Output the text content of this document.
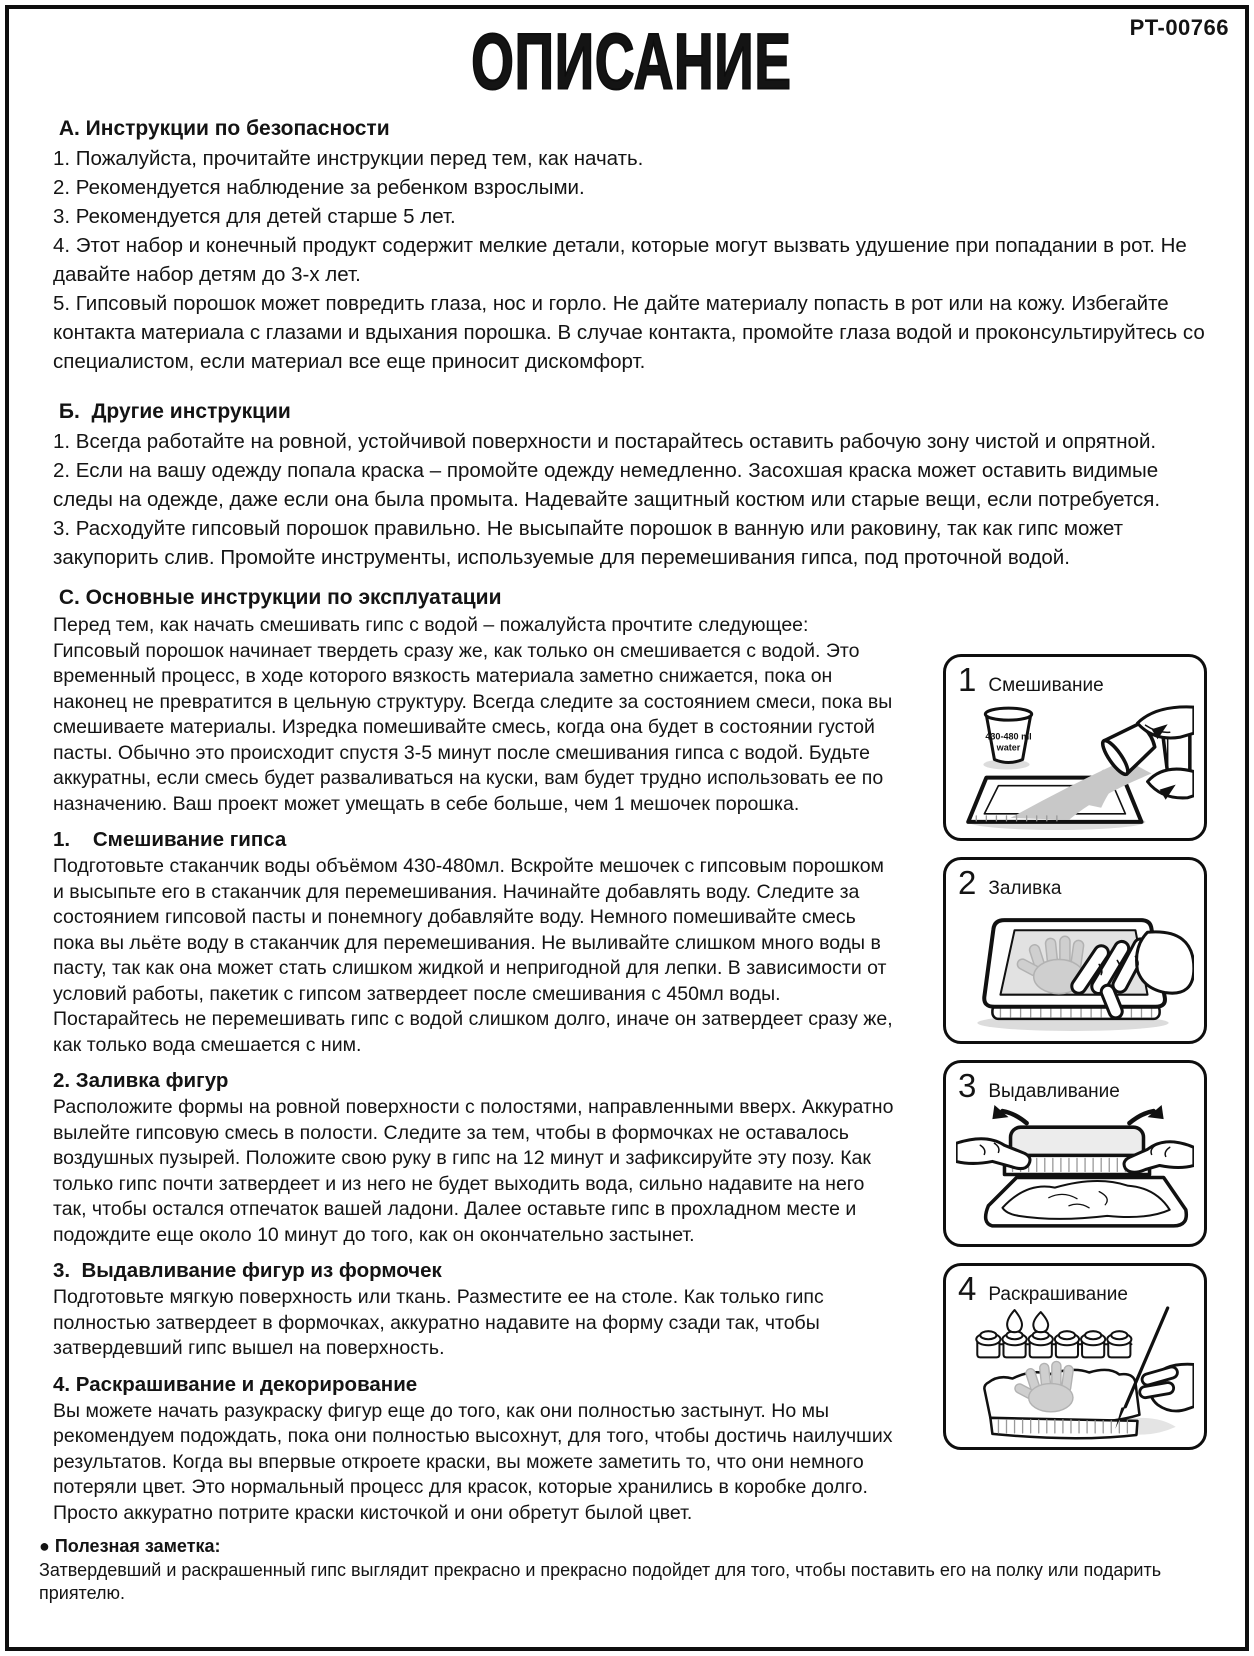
PT-00766
ОПИСАНИЕ
А. Инструкции по безопасности

1. Пожалуйста, прочитайте инструкции перед тем, как начать.

2. Рекомендуется наблюдение за ребенком взрослыми.

3. Рекомендуется для детей старше 5 лет.

4. Этот набор и конечный продукт содержит мелкие детали, которые могут вызвать удушение при попадании в рот. Не давайте набор детям до 3-х лет.

5. Гипсовый порошок может повредить глаза, нос и горло. Не дайте материалу попасть в рот или на кожу. Избегайте контакта материала с глазами и вдыхания порошка. В случае контакта, промойте глаза водой и проконсультируйтесь со специалистом, если материал все еще приносит дискомфорт.

Б.  Другие инструкции

1. Всегда работайте на ровной, устойчивой поверхности и постарайтесь оставить рабочую зону чистой и опрятной.

2. Если на вашу одежду попала краска – промойте одежду немедленно. Засохшая краска может оставить видимые следы на одежде, даже если она была промыта. Надевайте защитный костюм или старые вещи, если потребуется.

3. Расходуйте гипсовый порошок правильно. Не высыпайте порошок в ванную или раковину, так как гипс может закупорить слив. Промойте инструменты, используемые для перемешивания гипса, под проточной водой.

С. Основные инструкции по эксплуатации

Перед тем, как начать смешивать гипс с водой – пожалуйста прочтите следующее: Гипсовый порошок начинает твердеть сразу же, как только он смешивается с водой. Это временный процесс, в ходе которого вязкость материала заметно снижается, пока он наконец не превратится в цельную структуру. Всегда следите за состоянием смеси, пока вы смешиваете материалы. Изредка помешивайте смесь, когда она будет в состоянии густой пасты. Обычно это происходит спустя 3-5 минут после смешивания гипса с водой. Будьте аккуратны, если смесь будет разваливаться на куски, вам будет трудно использовать ее по назначению. Ваш проект может умещать в себе больше, чем 1 мешочек порошка.

1.    Смешивание гипса

Подготовьте стаканчик воды объёмом 430-480мл. Вскройте мешочек с гипсовым порошком и высыпьте его в стаканчик для перемешивания. Начинайте добавлять воду. Следите за состоянием гипсовой пасты и понемногу добавляйте воду. Немного помешивайте смесь пока вы льёте воду в стаканчик для перемешивания. Не выливайте слишком много воды в пасту, так как она может стать слишком жидкой и непригодной для лепки. В зависимости от условий работы, пакетик с гипсом затвердеет после смешивания с 450мл воды. Постарайтесь не перемешивать гипс с водой слишком долго, иначе он затвердеет сразу же, как только вода смешается с ним.

2. Заливка фигур

Расположите формы на ровной поверхности с полостями, направленными вверх. Аккуратно вылейте гипсовую смесь в полости. Следите за тем, чтобы в формочках не оставалось воздушных пузырей. Положите свою руку в гипс на 12 минут и зафиксируйте эту позу. Как только гипс почти затвердеет и из него не будет выходить вода, сильно надавите на него так, чтобы остался отпечаток вашей ладони. Далее оставьте гипс в прохладном месте и подождите еще около 10 минут до того, как он окончательно застынет.

3.  Выдавливание фигур из формочек

Подготовьте мягкую поверхность или ткань. Разместите ее на столе. Как только гипс полностью затвердеет в формочках, аккуратно надавите на форму сзади так, чтобы затвердевший гипс вышел на поверхность.

4. Раскрашивание и декорирование

Вы можете начать разукраску фигур еще до того, как они полностью застынут. Но мы рекомендуем подождать, пока они полностью высохнут, для того, чтобы достичь наилучших результатов. Когда вы впервые откроете краски, вы можете заметить то, что они немного потеряли цвет. Это нормальный процесс для красок, которые хранились в коробке долго. Просто аккуратно потрите краски кисточкой и они обретут былой цвет.

● Полезная заметка:

Затвердевший и раскрашенный гипс выглядит прекрасно и прекрасно подойдет для того, чтобы поставить его на полку или подарить приятелю.

1 Смешивание
430-480 ml
water
2 Заливка
3 Выдавливание
4 Раскрашивание
